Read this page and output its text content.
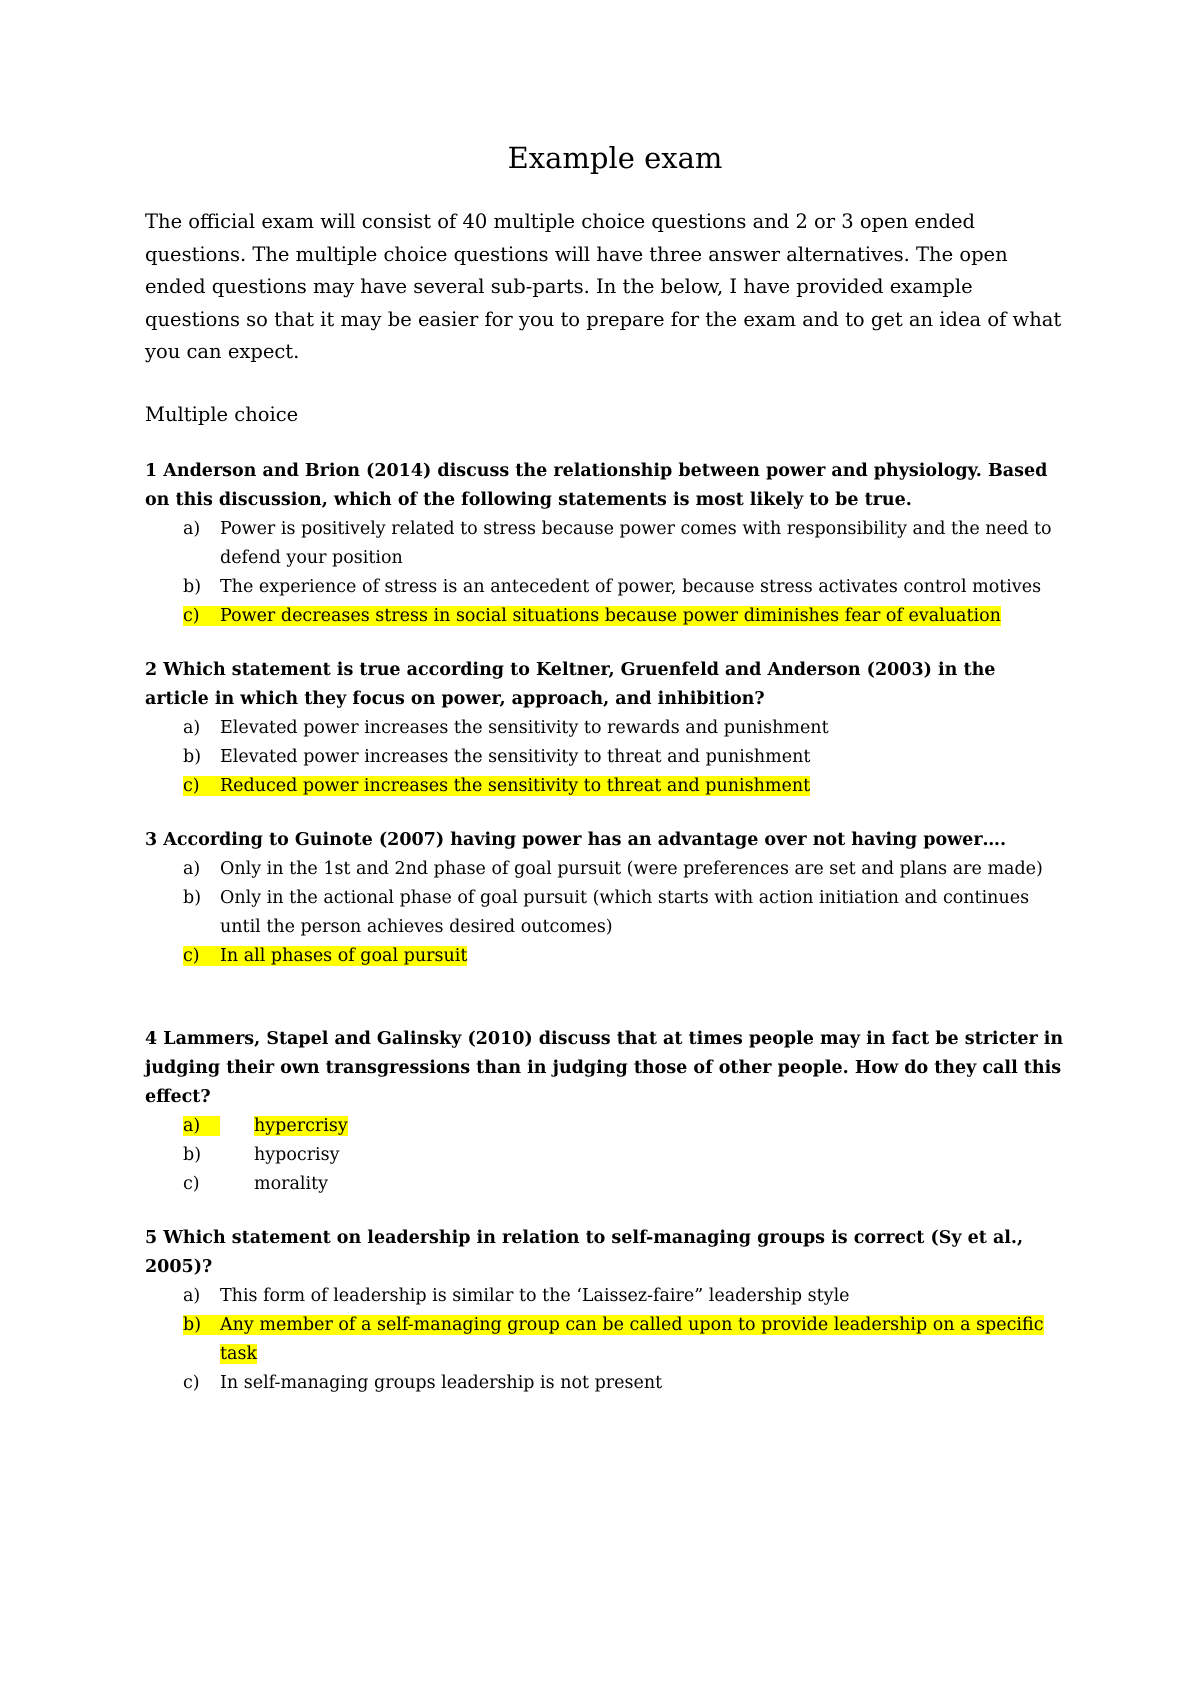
Example exam

The official exam will consist of 40 multiple choice questions and 2 or 3 open ended questions. The multiple choice questions will have three answer alternatives. The open ended questions may have several sub-parts. In the below, I have provided example questions so that it may be easier for you to prepare for the exam and to get an idea of what you can expect.

Multiple choice

1 Anderson and Brion (2014) discuss the relationship between power and physiology. Based on this discussion, which of the following statements is most likely to be true.

a)	Power is positively related to stress because power comes with responsibility and the need to defend your position
b)	The experience of stress is an antecedent of power, because stress activates control motives
c)	Power decreases stress in social situations because power diminishes fear of evaluation

2 Which statement is true according to Keltner, Gruenfeld and Anderson (2003) in the article in which they focus on power, approach, and inhibition?

a)	Elevated power increases the sensitivity to rewards and punishment
b)	Elevated power increases the sensitivity to threat and punishment
c)	Reduced power increases the sensitivity to threat and punishment

3 According to Guinote (2007) having power has an advantage over not having power….

a)	Only in the 1st and 2nd phase of goal pursuit (were preferences are set and plans are made)
b)	Only in the actional phase of goal pursuit (which starts with action initiation and continues until the person achieves desired outcomes)
c)	In all phases of goal pursuit

4 Lammers, Stapel and Galinsky (2010) discuss that at times people may in fact be stricter in judging their own transgressions than in judging those of other people. How do they call this effect?

a)	hypercrisy
b)	hypocrisy
c)	morality

5 Which statement on leadership in relation to self-managing groups is correct (Sy et al., 2005)?

a)	This form of leadership is similar to the ‘Laissez-faire” leadership style
b)	Any member of a self-managing group can be called upon to provide leadership on a specific task
c)	In self-managing groups leadership is not present
